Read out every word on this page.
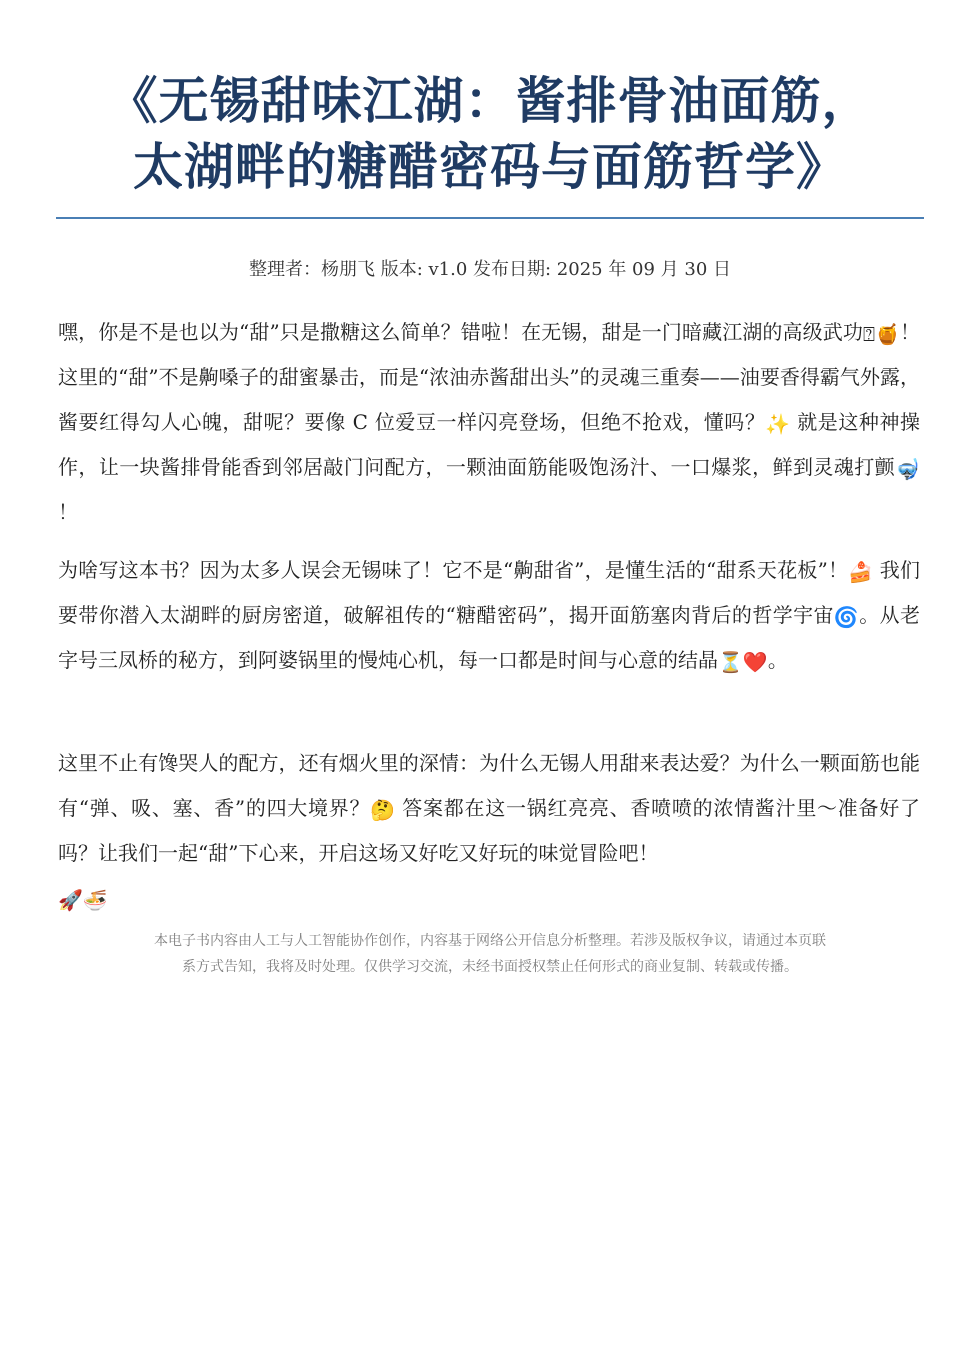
《无锡甜味江湖：酱排骨油面筋，
太湖畔的糖醋密码与面筋哲学》
整理者：杨朋飞 版本: v1.0 发布日期: 2025 年 09 月 30 日

嘿，你是不是也以为“甜”只是撒糖这么简单？错啦！在无锡，甜是一门暗藏江湖的高级武功⍰🍯！这里的“甜”不是齁嗓子的甜蜜暴击，而是“浓油赤酱甜出头”的灵魂三重奏——油要香得霸气外露，酱要红得勾人心魄，甜呢？要像 C 位爱豆一样闪亮登场，但绝不抢戏，懂吗？✨ 就是这种神操作，让一块酱排骨能香到邻居敲门问配方，一颗油面筋能吸饱汤汁、一口爆浆，鲜到灵魂打颤🤿 ！

为啥写这本书？因为太多人误会无锡味了！它不是“齁甜省”，是懂生活的“甜系天花板”！🍰 我们要带你潜入太湖畔的厨房密道，破解祖传的“糖醋密码”，揭开面筋塞肉背后的哲学宇宙🌀。从老字号三凤桥的秘方，到阿婆锅里的慢炖心机，每一口都是时间与心意的结晶⏳❤️。

这里不止有馋哭人的配方，还有烟火里的深情：为什么无锡人用甜来表达爱？为什么一颗面筋也能有“弹、吸、塞、香”的四大境界？🤔 答案都在这一锅红亮亮、香喷喷的浓情酱汁里～准备好了吗？让我们一起“甜”下心来，开启这场又好吃又好玩的味觉冒险吧！
🚀🍜

本电子书内容由人工与人工智能协作创作，内容基于网络公开信息分析整理。若涉及版权争议，请通过本页联
系方式告知，我将及时处理。仅供学习交流，未经书面授权禁止任何形式的商业复制、转载或传播。
